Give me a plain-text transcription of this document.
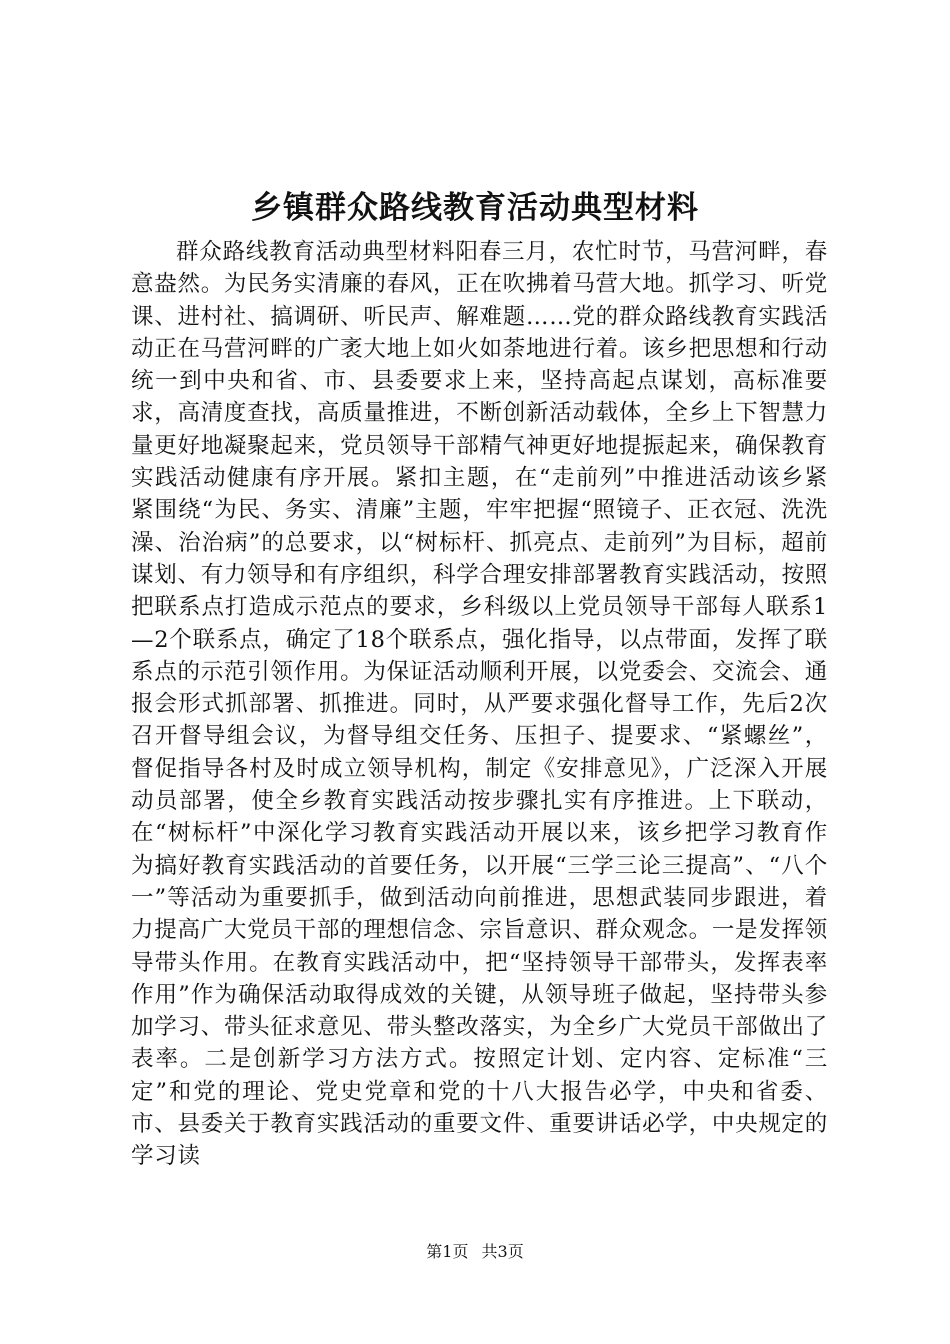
乡镇群众路线教育活动典型材料

群众路线教育活动典型材料阳春三月，农忙时节，马营河畔，春意盎然。为民务实清廉的春风，正在吹拂着马营大地。抓学习、听党课、进村社、搞调研、听民声、解难题……党的群众路线教育实践活动正在马营河畔的广袤大地上如火如荼地进行着。该乡把思想和行动统一到中央和省、市、县委要求上来，坚持高起点谋划，高标准要求，高清度查找，高质量推进，不断创新活动载体，全乡上下智慧力量更好地凝聚起来，党员领导干部精气神更好地提振起来，确保教育实践活动健康有序开展。紧扣主题，在“走前列”中推进活动该乡紧紧围绕“为民、务实、清廉”主题，牢牢把握“照镜子、正衣冠、洗洗澡、治治病”的总要求，以“树标杆、抓亮点、走前列”为目标，超前谋划、有力领导和有序组织，科学合理安排部署教育实践活动，按照把联系点打造成示范点的要求，乡科级以上党员领导干部每人联系1—2个联系点，确定了18个联系点，强化指导，以点带面，发挥了联系点的示范引领作用。为保证活动顺利开展，以党委会、交流会、通报会形式抓部署、抓推进。同时，从严要求强化督导工作，先后2次召开督导组会议，为督导组交任务、压担子、提要求、“紧螺丝”，督促指导各村及时成立领导机构，制定《安排意见》，广泛深入开展动员部署，使全乡教育实践活动按步骤扎实有序推进。上下联动，在“树标杆”中深化学习教育实践活动开展以来，该乡把学习教育作为搞好教育实践活动的首要任务，以开展“三学三论三提高”、“八个一”等活动为重要抓手，做到活动向前推进，思想武装同步跟进，着力提高广大党员干部的理想信念、宗旨意识、群众观念。一是发挥领导带头作用。在教育实践活动中，把“坚持领导干部带头，发挥表率作用”作为确保活动取得成效的关键，从领导班子做起，坚持带头参加学习、带头征求意见、带头整改落实，为全乡广大党员干部做出了表率。二是创新学习方法方式。按照定计划、定内容、定标准“三定”和党的理论、党史党章和党的十八大报告必学，中央和省委、市、县委关于教育实践活动的重要文件、重要讲话必学，中央规定的学习读

第1页 共3页
